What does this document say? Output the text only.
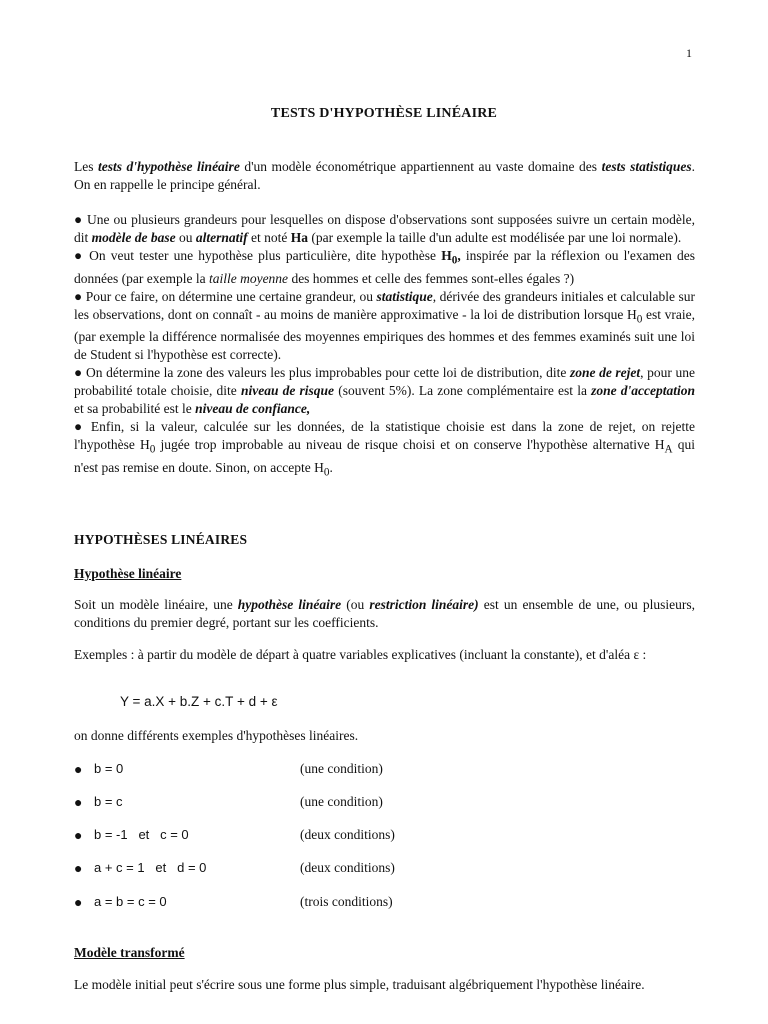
1
TESTS D'HYPOTHÈSE LINÉAIRE

Les tests d'hypothèse linéaire d'un modèle économétrique appartiennent au vaste domaine des tests statistiques. On en rappelle le principe général.

● Une ou plusieurs grandeurs pour lesquelles on dispose d'observations sont supposées suivre un certain modèle, dit modèle de base ou alternatif et noté Ha (par exemple la taille d'un adulte est modélisée par une loi normale).

● On veut tester une hypothèse plus particulière, dite hypothèse $H_0$, inspirée par la réflexion ou l'examen des données (par exemple la taille moyenne des hommes et celle des femmes sont-elles égales ?)

● Pour ce faire, on détermine une certaine grandeur, ou statistique, dérivée des grandeurs initiales et calculable sur les observations, dont on connaît - au moins de manière approximative - la loi de distribution lorsque $H_0$ est vraie, (par exemple la différence normalisée des moyennes empiriques des hommes et des femmes examinés suit une loi de Student si l'hypothèse est correcte).

● On détermine la zone des valeurs les plus improbables pour cette loi de distribution, dite zone de rejet, pour une probabilité totale choisie, dite niveau de risque (souvent 5%). La zone complémentaire est la zone d'acceptation et sa probabilité est le niveau de confiance,

● Enfin, si la valeur, calculée sur les données, de la statistique choisie est dans la zone de rejet, on rejette l'hypothèse $H_0$ jugée trop improbable au niveau de risque choisi et on conserve l'hypothèse alternative $H_A$ qui n'est pas remise en doute. Sinon, on accepte $H_0$.

HYPOTHÈSES LINÉAIRES
Hypothèse linéaire

Soit un modèle linéaire, une hypothèse linéaire (ou restriction linéaire) est un ensemble de une, ou plusieurs, conditions du premier degré, portant sur les coefficients.

Exemples : à partir du modèle de départ à quatre variables explicatives (incluant la constante), et d'aléa ε :

Y = a.X + b.Z + c.T + d + ε

on donne différents exemples d'hypothèses linéaires.

● b = 0	(une condition)
● b = c	(une condition)
● b = -1   et   c = 0	(deux conditions)
● a + c = 1   et   d = 0	(deux conditions)
● a = b = c = 0	(trois conditions)
Modèle transformé

Le modèle initial peut s'écrire sous une forme plus simple, traduisant algébriquement l'hypothèse linéaire.
